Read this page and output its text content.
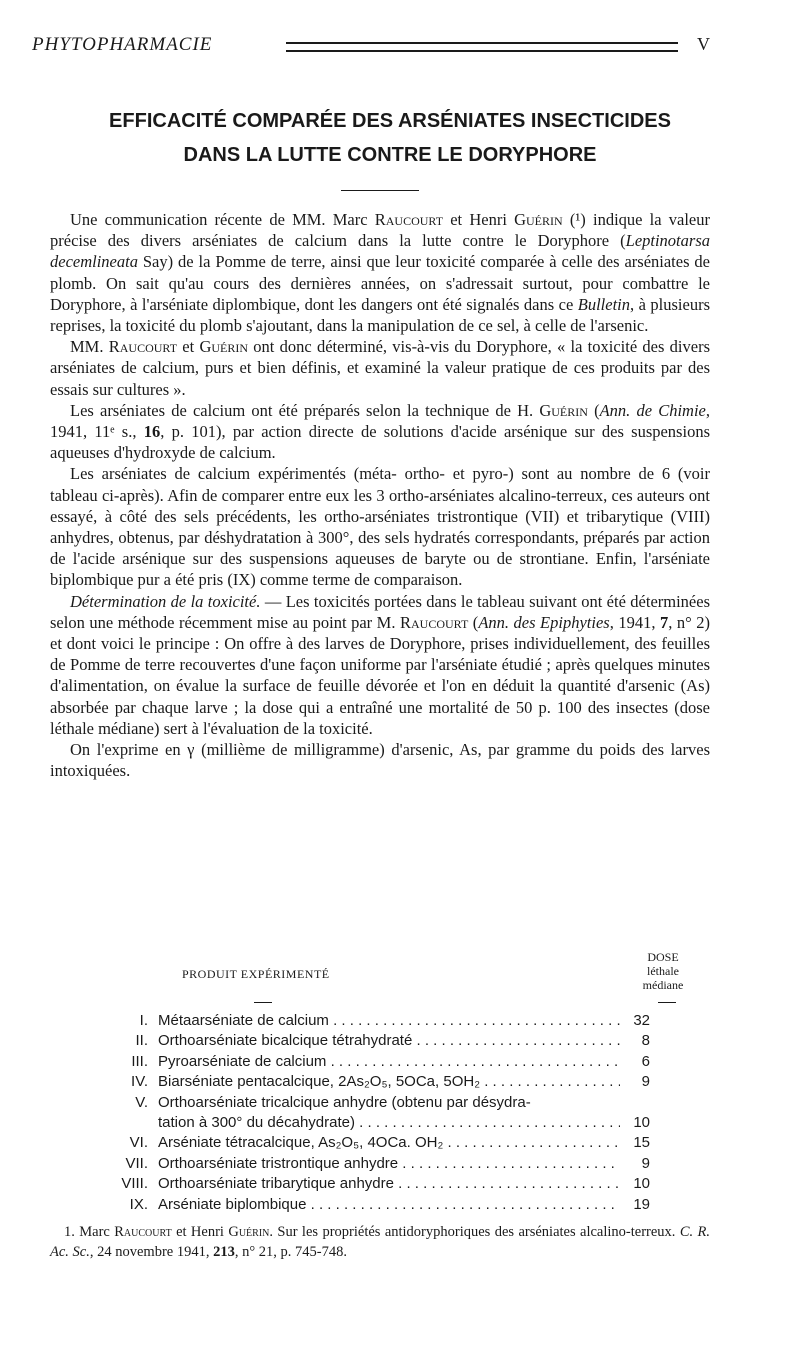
PHYTOPHARMACIE	V
EFFICACITÉ COMPARÉE DES ARSÉNIATES INSECTICIDES
DANS LA LUTTE CONTRE LE DORYPHORE

Une communication récente de MM. Marc Raucourt et Henri Guérin (¹) indique la valeur précise des divers arséniates de calcium dans la lutte contre le Doryphore (Leptinotarsa decemlineata Say) de la Pomme de terre, ainsi que leur toxicité comparée à celle des arséniates de plomb. On sait qu'au cours des dernières années, on s'adressait surtout, pour combattre le Doryphore, à l'arséniate diplombique, dont les dangers ont été signalés dans ce Bulletin, à plusieurs reprises, la toxicité du plomb s'ajoutant, dans la manipulation de ce sel, à celle de l'arsenic.

MM. Raucourt et Guérin ont donc déterminé, vis-à-vis du Doryphore, « la toxicité des divers arséniates de calcium, purs et bien définis, et examiné la valeur pratique de ces produits par des essais sur cultures ».

Les arséniates de calcium ont été préparés selon la technique de H. Guérin (Ann. de Chimie, 1941, 11ᵉ s., 16, p. 101), par action directe de solutions d'acide arsénique sur des suspensions aqueuses d'hydroxyde de calcium.

Les arséniates de calcium expérimentés (méta- ortho- et pyro-) sont au nombre de 6 (voir tableau ci-après). Afin de comparer entre eux les 3 ortho-arséniates alcalino-terreux, ces auteurs ont essayé, à côté des sels précédents, les ortho-arséniates tristrontique (VII) et tribarytique (VIII) anhydres, obtenus, par déshydratation à 300°, des sels hydratés correspondants, préparés par action de l'acide arsénique sur des suspensions aqueuses de baryte ou de strontiane. Enfin, l'arséniate biplombique pur a été pris (IX) comme terme de comparaison.

Détermination de la toxicité. — Les toxicités portées dans le tableau suivant ont été déterminées selon une méthode récemment mise au point par M. Raucourt (Ann. des Epiphyties, 1941, 7, n° 2) et dont voici le principe : On offre à des larves de Doryphore, prises individuellement, des feuilles de Pomme de terre recouvertes d'une façon uniforme par l'arséniate étudié ; après quelques minutes d'alimentation, on évalue la surface de feuille dévorée et l'on en déduit la quantité d'arsenic (As) absorbée par chaque larve ; la dose qui a entraîné une mortalité de 50 p. 100 des insectes (dose léthale médiane) sert à l'évaluation de la toxicité.

On l'exprime en γ (millième de milligramme) d'arsenic, As, par gramme du poids des larves intoxiquées.

PRODUIT EXPÉRIMENTÉ
DOSE
léthale
médiane
I. Métaarséniate de calcium . . .	32
II. Orthoarséniate bicalcique tétrahydraté . . .	8
III. Pyroarséniate de calcium . . .	6
IV. Biarséniate pentacalcique, 2As₂O₅, 5OCa, 5OH₂ . . .	9
V. Orthoarséniate tricalcique anhydre (obtenu par désydra-
tation à 300° du décahydrate) . . .	10
VI. Arséniate tétracalcique, As₂O₅, 4OCa. OH₂ . . .	15
VII. Orthoarséniate tristrontique anhydre . . .	9
VIII. Orthoarséniate tribarytique anhydre . . .	10
IX. Arséniate biplombique . . .	19
1. Marc Raucourt et Henri Guérin. Sur les propriétés antidoryphoriques des arséniates alcalino-terreux. C. R. Ac. Sc., 24 novembre 1941, 213, n° 21, p. 745-748.
